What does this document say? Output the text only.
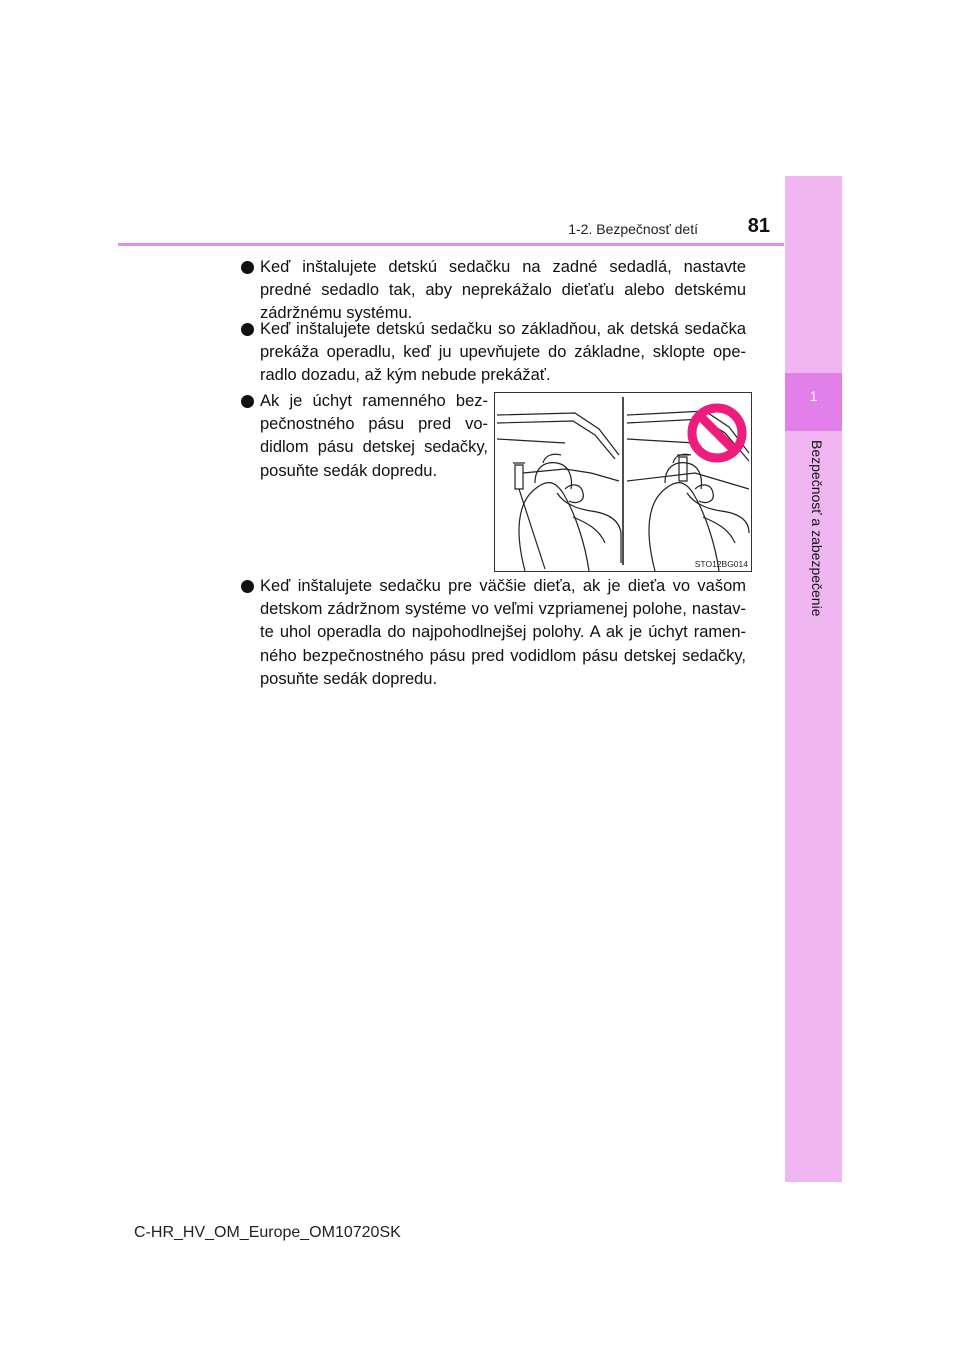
1
Bezpečnosť a zabezpečenie
1-2. Bezpečnosť detí	81
Keď inštalujete detskú sedačku na zadné sedadlá, nastavte predné sedadlo tak, aby neprekážalo dieťaťu alebo detskému zádržnému systému.
Keď inštalujete detskú sedačku so základňou, ak detská sedačka prekáža operadlu, keď ju upevňujete do základne, sklopte ope-radlo dozadu, až kým nebude prekážať.
Ak je úchyt ramenného bez-pečnostného pásu pred vo-didlom pásu detskej sedačky, posuňte sedák dopredu.
STO12BG014
Keď inštalujete sedačku pre väčšie dieťa, ak je dieťa vo vašom detskom zádržnom systéme vo veľmi vzpriamenej polohe, nastav-te uhol operadla do najpohodlnejšej polohy. A ak je úchyt ramen-ného bezpečnostného pásu pred vodidlom pásu detskej sedačky, posuňte sedák dopredu.
C-HR_HV_OM_Europe_OM10720SK
